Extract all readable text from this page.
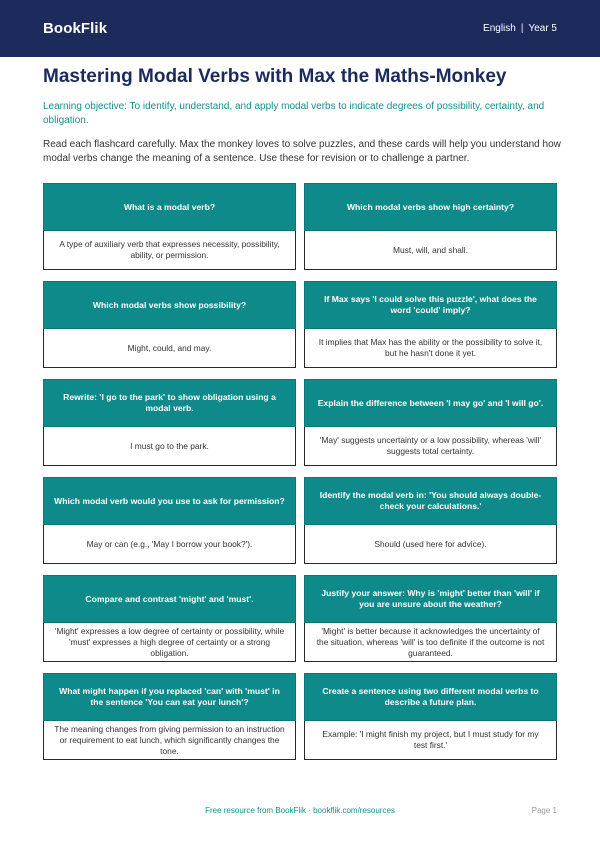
BookFlik	English | Year 5
Mastering Modal Verbs with Max the Maths-Monkey

Learning objective: To identify, understand, and apply modal verbs to indicate degrees of possibility, certainty, and obligation.

Read each flashcard carefully. Max the monkey loves to solve puzzles, and these cards will help you understand how modal verbs change the meaning of a sentence. Use these for revision or to challenge a partner.

What is a modal verb?
A type of auxiliary verb that expresses necessity, possibility, ability, or permission.
Which modal verbs show high certainty?
Must, will, and shall.
Which modal verbs show possibility?
Might, could, and may.
If Max says 'I could solve this puzzle', what does the word 'could' imply?
It implies that Max has the ability or the possibility to solve it, but he hasn't done it yet.
Rewrite: 'I go to the park' to show obligation using a modal verb.
I must go to the park.
Explain the difference between 'I may go' and 'I will go'.
'May' suggests uncertainty or a low possibility, whereas 'will' suggests total certainty.
Which modal verb would you use to ask for permission?
May or can (e.g., 'May I borrow your book?').
Identify the modal verb in: 'You should always double-check your calculations.'
Should (used here for advice).
Compare and contrast 'might' and 'must'.
'Might' expresses a low degree of certainty or possibility, while 'must' expresses a high degree of certainty or a strong obligation.
Justify your answer: Why is 'might' better than 'will' if you are unsure about the weather?
'Might' is better because it acknowledges the uncertainty of the situation, whereas 'will' is too definite if the outcome is not guaranteed.
What might happen if you replaced 'can' with 'must' in the sentence 'You can eat your lunch'?
The meaning changes from giving permission to an instruction or requirement to eat lunch, which significantly changes the tone.
Create a sentence using two different modal verbs to describe a future plan.
Example: 'I might finish my project, but I must study for my test first.'
Free resource from BookFlik · bookflik.com/resources	Page 1
